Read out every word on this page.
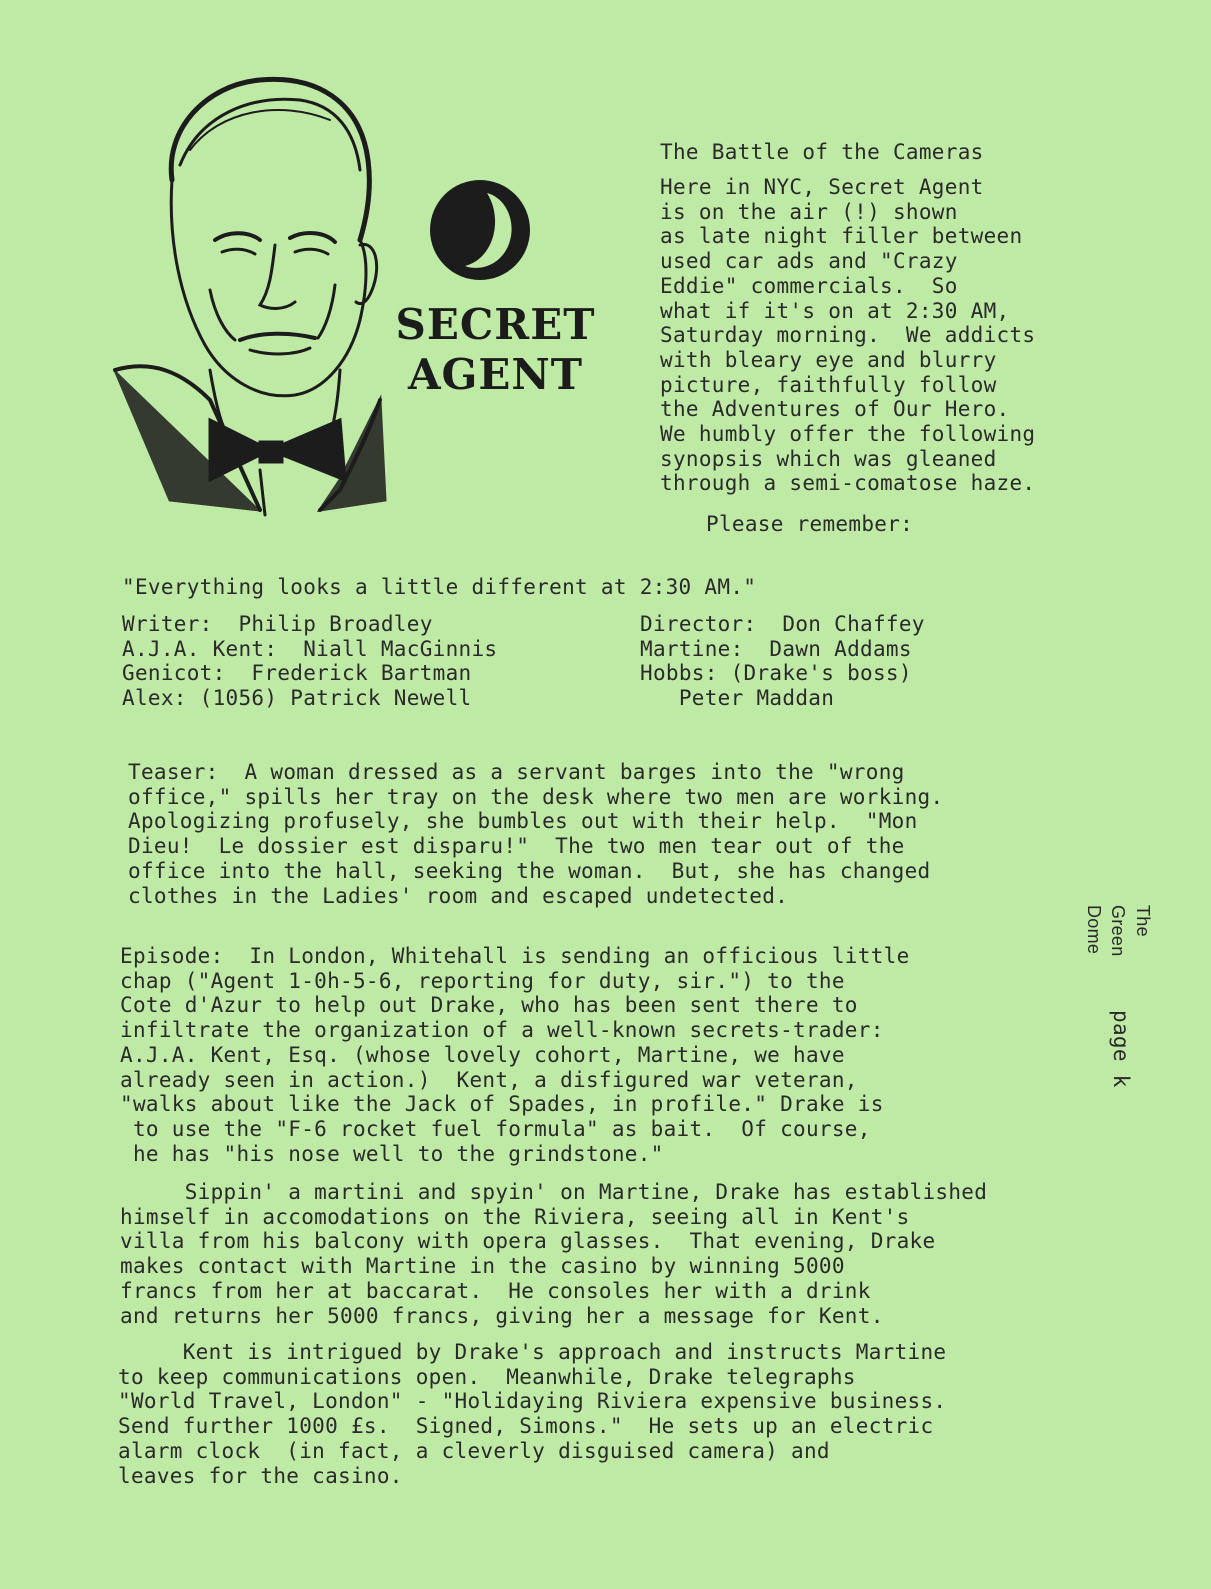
SECRET
AGENT
The Battle of the Cameras
Here in NYC, Secret Agent
is on the air (!) shown
as late night filler between
used car ads and "Crazy
Eddie" commercials.  So
what if it's on at 2:30 AM,
Saturday morning.  We addicts
with bleary eye and blurry
picture, faithfully follow
the Adventures of Our Hero.
We humbly offer the following
synopsis which was gleaned
through a semi-comatose haze.
Please remember:
"Everything looks a little different at 2:30 AM."
Writer:  Philip Broadley
A.J.A. Kent:  Niall MacGinnis
Genicot:  Frederick Bartman
Alex: (1056) Patrick Newell
Director:  Don Chaffey
Martine:  Dawn Addams
Hobbs: (Drake's boss)
Peter Maddan
Teaser:  A woman dressed as a servant barges into the "wrong
office," spills her tray on the desk where two men are working.
Apologizing profusely, she bumbles out with their help.  "Mon
Dieu!  Le dossier est disparu!"  The two men tear out of the
office into the hall, seeking the woman.  But, she has changed
clothes in the Ladies' room and escaped undetected.
Episode:  In London, Whitehall is sending an officious little
chap ("Agent 1-0h-5-6, reporting for duty, sir.") to the
Cote d'Azur to help out Drake, who has been sent there to
infiltrate the organization of a well-known secrets-trader:
A.J.A. Kent, Esq. (whose lovely cohort, Martine, we have
already seen in action.)  Kent, a disfigured war veteran,
"walks about like the Jack of Spades, in profile." Drake is
to use the "F-6 rocket fuel formula" as bait.  Of course,
he has "his nose well to the grindstone."
Sippin' a martini and spyin' on Martine, Drake has established
himself in accomodations on the Riviera, seeing all in Kent's
villa from his balcony with opera glasses.  That evening, Drake
makes contact with Martine in the casino by winning 5000
francs from her at baccarat.  He consoles her with a drink
and returns her 5000 francs, giving her a message for Kent.
Kent is intrigued by Drake's approach and instructs Martine
to keep communications open.  Meanwhile, Drake telegraphs
"World Travel, London" - "Holidaying Riviera expensive business.
Send further 1000 £s.  Signed, Simons."  He sets up an electric
alarm clock  (in fact, a cleverly disguised camera) and
leaves for the casino.
The
Green
Dome
page k
